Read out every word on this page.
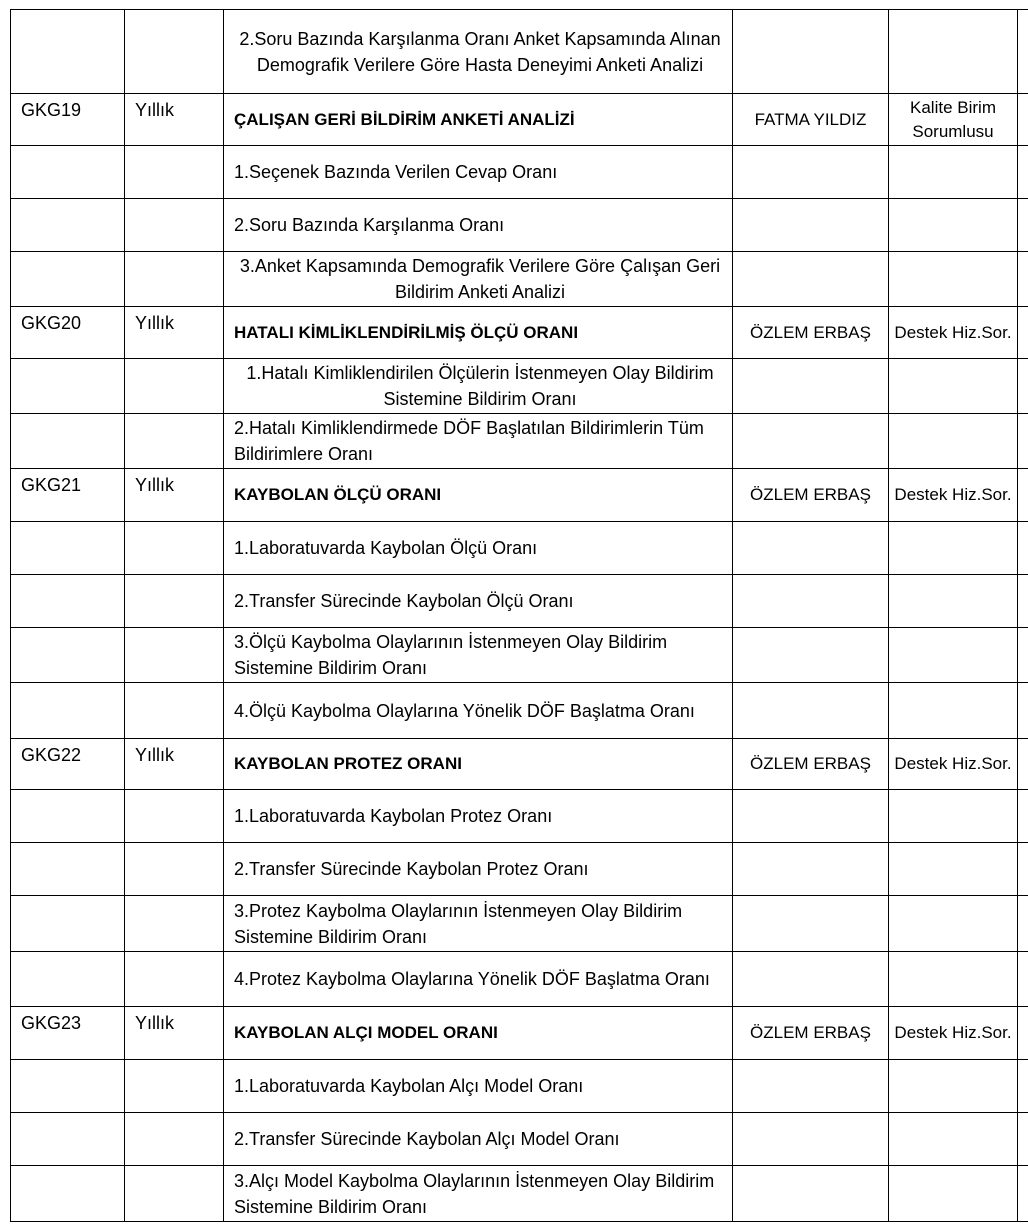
		2.Soru Bazında Karşılanma Oranı Anket Kapsamında Alınan Demografik Verilere Göre Hasta Deneyimi Anketi Analizi			
GKG19	Yıllık	ÇALIŞAN GERİ BİLDİRİM ANKETİ ANALİZİ	FATMA YILDIZ	Kalite Birim Sorumlusu	
		1.Seçenek Bazında Verilen Cevap Oranı			
		2.Soru Bazında Karşılanma Oranı			
		3.Anket Kapsamında Demografik Verilere Göre Çalışan Geri Bildirim Anketi Analizi			
GKG20	Yıllık	HATALI KİMLİKLENDİRİLMİŞ ÖLÇÜ ORANI	ÖZLEM ERBAŞ	Destek Hiz.Sor.	
		1.Hatalı Kimliklendirilen Ölçülerin İstenmeyen Olay Bildirim Sistemine Bildirim Oranı			
		2.Hatalı Kimliklendirmede DÖF Başlatılan Bildirimlerin Tüm Bildirimlere Oranı			
GKG21	Yıllık	KAYBOLAN ÖLÇÜ ORANI	ÖZLEM ERBAŞ	Destek Hiz.Sor.	
		1.Laboratuvarda Kaybolan Ölçü Oranı			
		2.Transfer Sürecinde Kaybolan Ölçü Oranı			
		3.Ölçü Kaybolma Olaylarının İstenmeyen Olay Bildirim Sistemine Bildirim Oranı			
		4.Ölçü Kaybolma Olaylarına Yönelik DÖF Başlatma Oranı			
GKG22	Yıllık	KAYBOLAN PROTEZ ORANI	ÖZLEM ERBAŞ	Destek Hiz.Sor.	
		1.Laboratuvarda Kaybolan Protez Oranı			
		2.Transfer Sürecinde Kaybolan Protez Oranı			
		3.Protez Kaybolma Olaylarının İstenmeyen Olay Bildirim Sistemine Bildirim Oranı			
		4.Protez Kaybolma Olaylarına Yönelik DÖF Başlatma Oranı			
GKG23	Yıllık	KAYBOLAN ALÇI MODEL ORANI	ÖZLEM ERBAŞ	Destek Hiz.Sor.	
		1.Laboratuvarda Kaybolan Alçı Model Oranı			
		2.Transfer Sürecinde Kaybolan Alçı Model Oranı			
		3.Alçı Model Kaybolma Olaylarının İstenmeyen Olay Bildirim Sistemine Bildirim Oranı			
